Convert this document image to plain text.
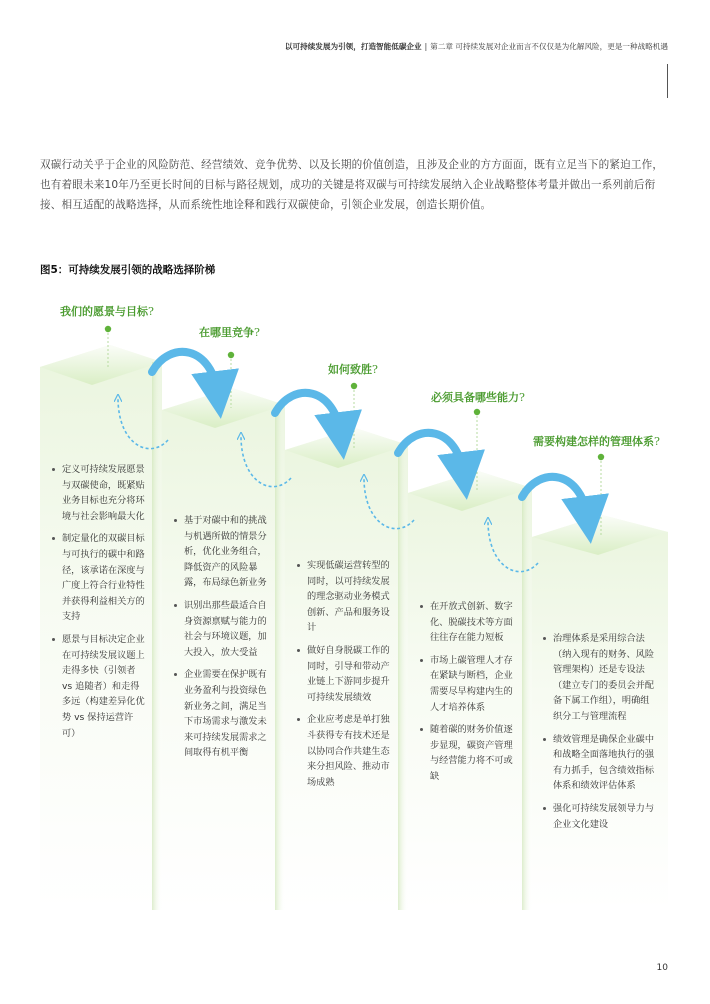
以可持续发展为引领，打造智能低碳企业 | 第二章 可持续发展对企业而言不仅仅是为化解风险，更是一种战略机遇
双碳行动关乎于企业的风险防范、经营绩效、竞争优势、以及长期的价值创造，且涉及企业的方方面面，既有立足当下的紧迫工作，也有着眼未来10年乃至更长时间的目标与路径规划，成功的关键是将双碳与可持续发展纳入企业战略整体考量并做出一系列前后衔接、相互适配的战略选择，从而系统性地诠释和践行双碳使命，引领企业发展，创造长期价值。
图5：可持续发展引领的战略选择阶梯
我们的愿景与目标?
在哪里竞争?
如何致胜?
必须具备哪些能力?
需要构建怎样的管理体系?
定义可持续发展愿景与双碳使命，既紧贴业务目标也充分将环境与社会影响最大化
制定量化的双碳目标与可执行的碳中和路径，该承诺在深度与广度上符合行业特性并获得利益相关方的支持
愿景与目标决定企业在可持续发展议题上走得多快（引领者 vs 追随者）和走得多远（构建差异化优势 vs 保持运营许可）
基于对碳中和的挑战与机遇所做的情景分析，优化业务组合，降低资产的风险暴露，布局绿色新业务
识别出那些最适合自身资源禀赋与能力的社会与环境议题，加大投入，放大受益
企业需要在保护既有业务盈利与投资绿色新业务之间，满足当下市场需求与激发未来可持续发展需求之间取得有机平衡
实现低碳运营转型的同时，以可持续发展的理念驱动业务模式创新、产品和服务设计
做好自身脱碳工作的同时，引导和带动产业链上下游同步提升可持续发展绩效
企业应考虑是单打独斗获得专有技术还是以协同合作共建生态来分担风险、推动市场成熟
在开放式创新、数字化、脱碳技术等方面往往存在能力短板
市场上碳管理人才存在紧缺与断档，企业需要尽早构建内生的人才培养体系
随着碳的财务价值逐步显现，碳资产管理与经营能力将不可或缺
治理体系是采用综合法（纳入现有的财务、风险管理架构）还是专设法（建立专门的委员会并配备下属工作组），明确组织分工与管理流程
绩效管理是确保企业碳中和战略全面落地执行的强有力抓手，包含绩效指标体系和绩效评估体系
强化可持续发展领导力与企业文化建设
10
